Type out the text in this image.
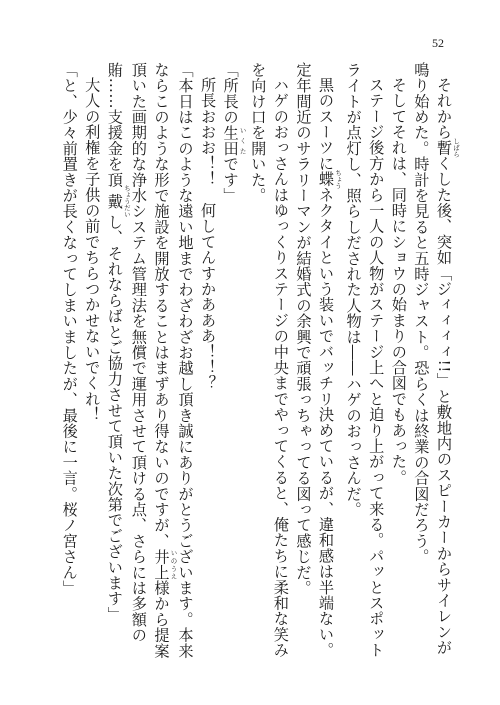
52

それから暫 しばらくした後、突如「ジィィィィ!!」と敷地内のスピーカーからサイレンが鳴り始めた。時計を見ると五時ジャスト。恐らくは終業の合図だろう。

そしてそれは、同時にショウの始まりの合図でもあった。

ステージ後方から一人の人物がステージ上へと迫り上がって来る。パッとスポットライトが点灯し、照らしだされた人物は――ハゲのおっさんだ。

黒のスーツに蝶 ちょうネクタイという装いでバッチリ決めているが、違和感は半端ない。定年間近のサラリーマンが結婚式の余興で頑張っちゃってる図って感じだ。

ハゲのおっさんはゆっくりステージの中央までやってくると、俺たちに柔和な笑みを向け口を開いた。

「所長の生田 いくたです」

所長おおお！！　何してんすかあああ！！？

「本日はこのような遠い地までわざわざお越し頂き誠にありがとうございます。本来ならこのような形で施設を開放することはまずあり得ないのですが、井上 いのうえ様から提案頂いた画期的な浄水システム管理法を無償で運用させて頂ける点、さらには多額の賄……支援金を頂戴 ちょうだいし、それならばとご協力させて頂いた次第でございます」

大人の利権を子供の前でちらつかせないでくれ！

「と、少々前置きが長くなってしまいましたが、最後に一言。桜ノ宮さん」
